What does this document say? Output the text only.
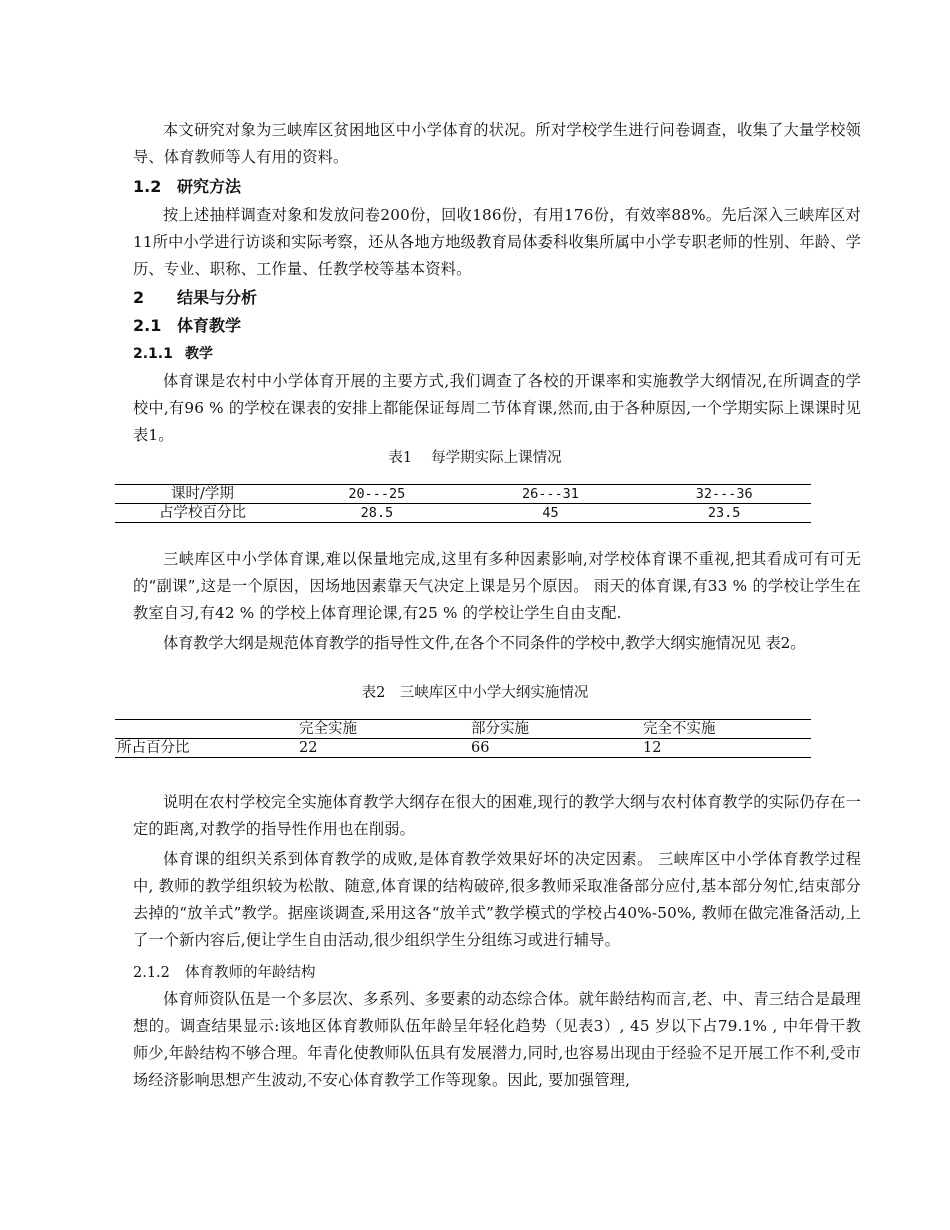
本文研究对象为三峡库区贫困地区中小学体育的状况。所对学校学生进行问卷调查，收集了大量学校领导、体育教师等人有用的资料。

1.2 研究方法

按上述抽样调查对象和发放问卷200份，回收186份，有用176份，有效率88%。先后深入三峡库区对11所中小学进行访谈和实际考察，还从各地方地级教育局体委科收集所属中小学专职老师的性别、年龄、学历、专业、职称、工作量、任教学校等基本资料。

2 结果与分析
2.1 体育教学
2.1.1 教学

体育课是农村中小学体育开展的主要方式,我们调查了各校的开课率和实施教学大纲情况,在所调查的学校中,有96 % 的学校在课表的安排上都能保证每周二节体育课,然而,由于各种原因,一个学期实际上课课时见 表1。

表1　 每学期实际上课情况

课时/学期	20---25	26---31	32---36
占学校百分比	28.5	45	23.5

三峡库区中小学体育课,难以保量地完成,这里有多种因素影响,对学校体育课不重视,把其看成可有可无的“副课”,这是一个原因，因场地因素靠天气决定上课是另个原因。 雨天的体育课,有33 % 的学校让学生在教室自习,有42 % 的学校上体育理论课,有25 % 的学校让学生自由支配.

体育教学大纲是规范体育教学的指导性文件,在各个不同条件的学校中,教学大纲实施情况见 表2。

表2　三峡库区中小学大纲实施情况

	完全实施	部分实施	完全不实施
所占百分比	22	66	12

说明在农村学校完全实施体育教学大纲存在很大的困难,现行的教学大纲与农村体育教学的实际仍存在一定的距离,对教学的指导性作用也在削弱。

体育课的组织关系到体育教学的成败,是体育教学效果好坏的决定因素。 三峡库区中小学体育教学过程中, 教师的教学组织较为松散、随意,体育课的结构破碎,很多教师采取准备部分应付,基本部分匆忙,结束部分去掉的“放羊式”教学。据座谈调查,采用这各“放羊式”教学模式的学校占40%-50%, 教师在做完准备活动,上了一个新内容后,便让学生自由活动,很少组织学生分组练习或进行辅导。

2.1.2 体育教师的年龄结构

体育师资队伍是一个多层次、多系列、多要素的动态综合体。就年龄结构而言,老、中、青三结合是最理想的。调查结果显示:该地区体育教师队伍年龄呈年轻化趋势（见表3）, 45 岁以下占79.1% , 中年骨干教师少,年龄结构不够合理。年青化使教师队伍具有发展潜力,同时,也容易出现由于经验不足开展工作不利,受市场经济影响思想产生波动,不安心体育教学工作等现象。因此, 要加强管理,
